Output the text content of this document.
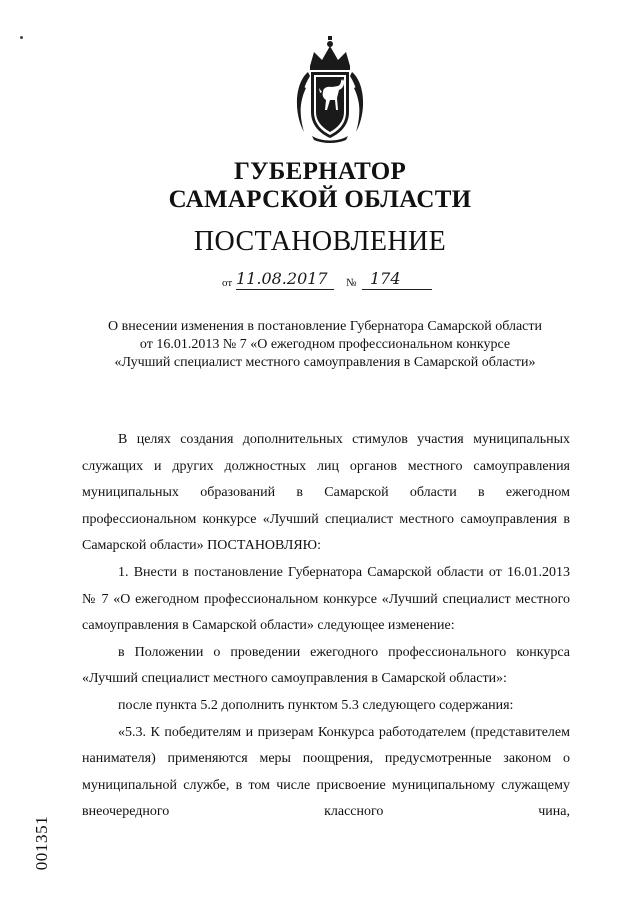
ГУБЕРНАТОР
САМАРСКОЙ ОБЛАСТИ
ПОСТАНОВЛЕНИЕ
от 11.08.2017 № 174
О внесении изменения в постановление Губернатора Самарской области
от 16.01.2013 № 7 «О ежегодном профессиональном конкурсе
«Лучший специалист местного самоуправления в Самарской области»

В целях создания дополнительных стимулов участия муниципальных служащих и других должностных лиц органов местного самоуправления муниципальных образований в Самарской области в ежегодном профессиональном конкурсе «Лучший специалист местного самоуправления в Самарской области» ПОСТАНОВЛЯЮ:

1. Внести в постановление Губернатора Самарской области от 16.01.2013 № 7 «О ежегодном профессиональном конкурсе «Лучший специалист местного самоуправления в Самарской области» следующее изменение:

в Положении о проведении ежегодного профессионального конкурса «Лучший специалист местного самоуправления в Самарской области»:

после пункта 5.2 дополнить пунктом 5.3 следующего содержания:

«5.3. К победителям и призерам Конкурса работодателем (представителем нанимателя) применяются меры поощрения, предусмотренные законом о муниципальной службе, в том числе присвоение муниципальному служащему внеочередного классного чина,

001351
